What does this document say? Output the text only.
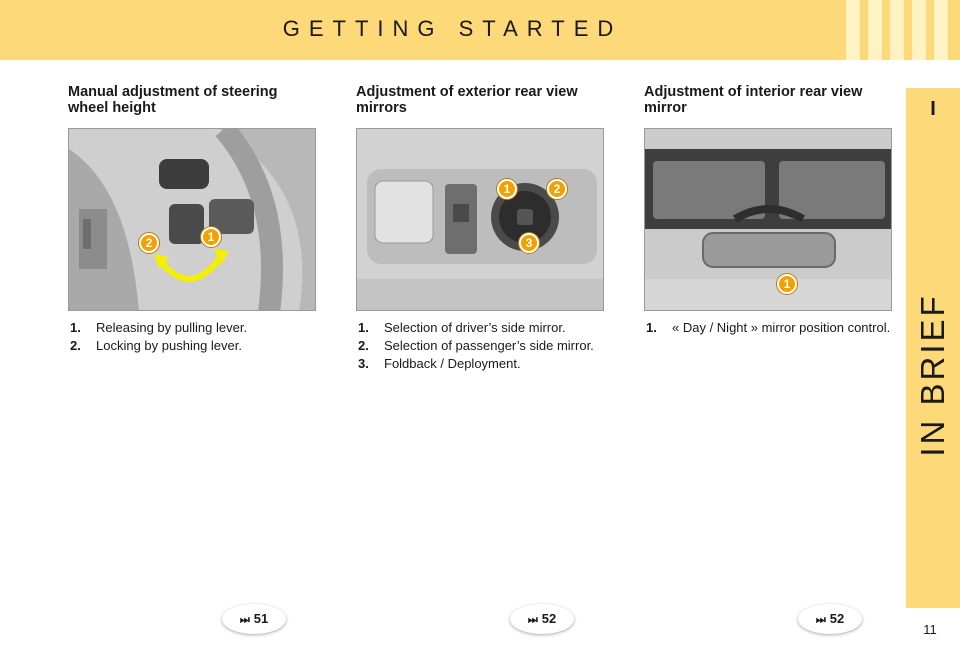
GETTING STARTED
I
IN BRIEF
Manual adjustment of steering wheel height
2	1
1.	Releasing by pulling lever.
2.	Locking by pushing lever.
Adjustment of exterior rear view mirrors
1	2
3
1.	Selection of driver’s side mirror.
2.	Selection of passenger’s side mirror.
3.	Foldback / Deployment.
Adjustment of interior rear view mirror
1
1.	« Day / Night » mirror position control.
⏭ 51	⏭ 52	⏭ 52
11
